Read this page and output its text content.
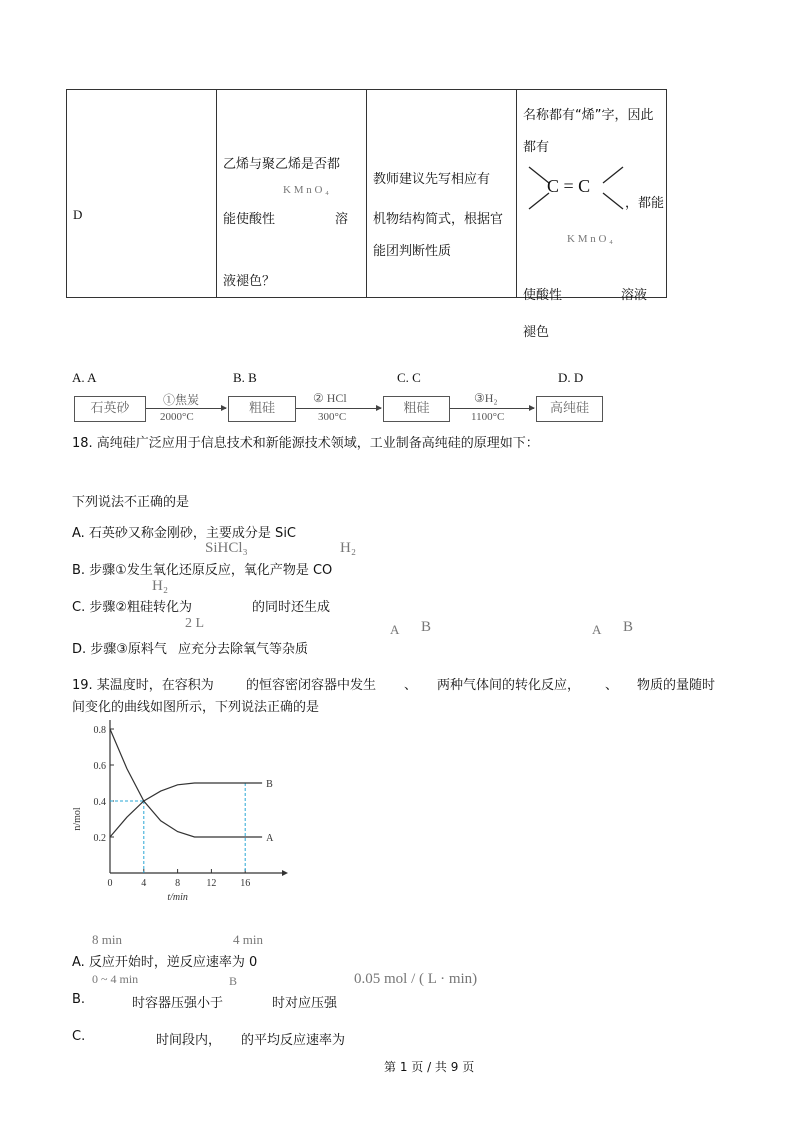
D

乙烯与聚乙烯是否都
K M n O ₄
能使酸性	溶
液褪色？

教师建议先写相应有
机物结构简式，根据官
能团判断性质

名称都有“烯”字，因此
都有
C = C
，都能
K M n O ₄
使酸性	溶液
褪色
A. A	B. B	C. C	D. D
石英砂	粗硅	粗硅	高纯硅
①焦炭	② HCl	③H₂
2000°C	300°C	1100°C
18. 高纯硅广泛应用于信息技术和新能源技术领域，工业制备高纯硅的原理如下：
下列说法不正确的是
A. 石英砂又称金刚砂，主要成分是 SiC
SiHCl₃	H₂
B. 步骤①发生氧化还原反应，氧化产物是 CO
H₂
C. 步骤②粗硅转化为	的同时还生成
2 L	A B	A B
D. 步骤③原料气 应充分去除氧气等杂质
19. 某温度时，在容积为 的恒容密闭容器中发生 、 两种气体间的转化反应， 、 物质的量随时
间变化的曲线如图所示，下列说法正确的是
0	4	8	12 16
0.2
0.4
0.6
0.8
t/min
n/mol
A
B
8 min	4 min
A. 反应开始时，逆反应速率为 0
0 ~ 4 min	B	0.05 mol / ( L · min)
B.	时容器压强小于	时对应压强
C.	时间段内， 的平均反应速率为
第 1 页 / 共 9 页
